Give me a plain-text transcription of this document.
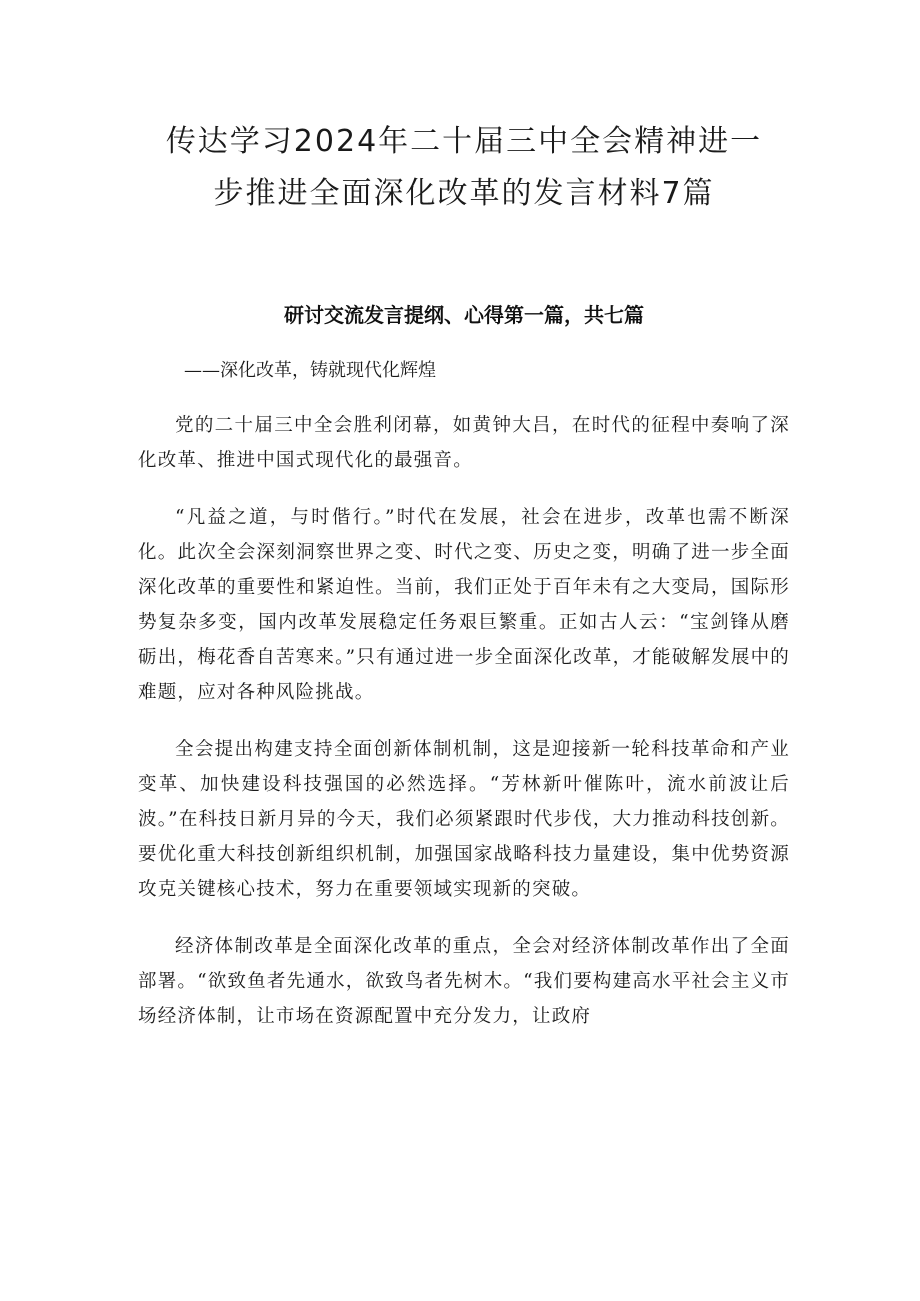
传达学习2024年二十届三中全会精神进一
步推进全面深化改革的发言材料7篇
研讨交流发言提纲、心得第一篇，共七篇
——深化改革，铸就现代化辉煌

党的二十届三中全会胜利闭幕，如黄钟大吕，在时代的征程中奏响了深化改革、推进中国式现代化的最强音。

“凡益之道，与时偕行。”时代在发展，社会在进步，改革也需不断深化。此次全会深刻洞察世界之变、时代之变、历史之变，明确了进一步全面深化改革的重要性和紧迫性。当前，我们正处于百年未有之大变局，国际形势复杂多变，国内改革发展稳定任务艰巨繁重。正如古人云：“宝剑锋从磨砺出，梅花香自苦寒来。”只有通过进一步全面深化改革，才能破解发展中的难题，应对各种风险挑战。

全会提出构建支持全面创新体制机制，这是迎接新一轮科技革命和产业变革、加快建设科技强国的必然选择。“芳林新叶催陈叶，流水前波让后波。”在科技日新月异的今天，我们必须紧跟时代步伐，大力推动科技创新。要优化重大科技创新组织机制，加强国家战略科技力量建设，集中优势资源攻克关键核心技术，努力在重要领域实现新的突破。

经济体制改革是全面深化改革的重点，全会对经济体制改革作出了全面部署。“欲致鱼者先通水，欲致鸟者先树木。“我们要构建高水平社会主义市场经济体制，让市场在资源配置中充分发力，让政府
